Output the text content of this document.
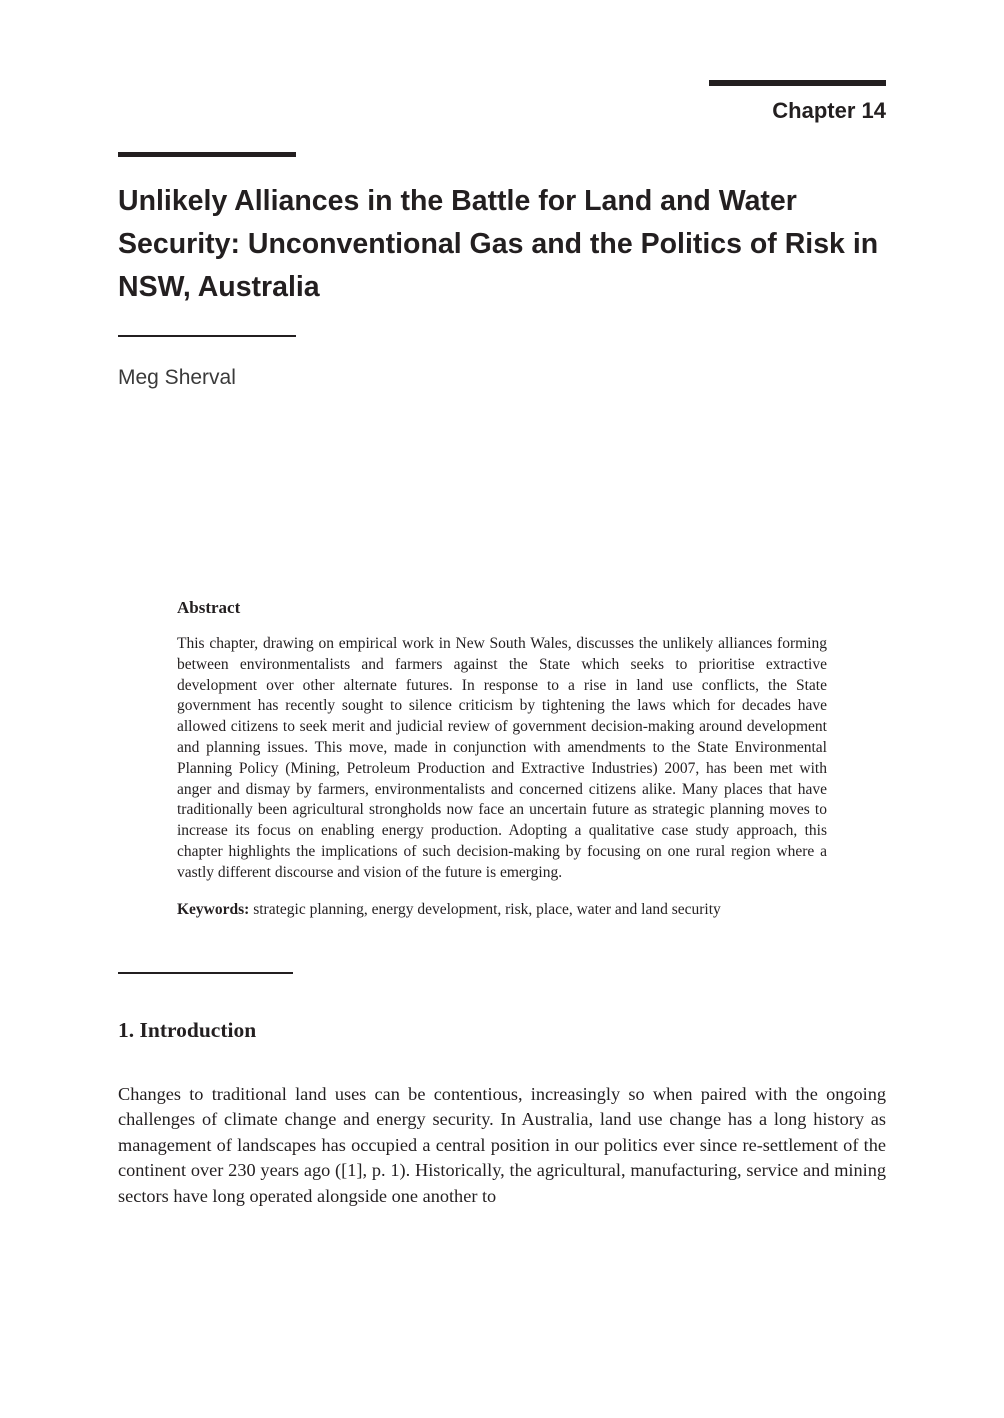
Chapter 14
Unlikely Alliances in the Battle for Land and Water Security: Unconventional Gas and the Politics of Risk in NSW, Australia
Meg Sherval
Abstract

This chapter, drawing on empirical work in New South Wales, discusses the unlikely alliances forming between environmentalists and farmers against the State which seeks to prioritise extractive development over other alternate futures. In response to a rise in land use conflicts, the State government has recently sought to silence criticism by tightening the laws which for decades have allowed citizens to seek merit and judicial review of government decision-making around development and planning issues. This move, made in conjunction with amendments to the State Environmental Planning Policy (Mining, Petroleum Production and Extractive Industries) 2007, has been met with anger and dismay by farmers, environmentalists and concerned citizens alike. Many places that have traditionally been agricultural strongholds now face an uncertain future as strategic planning moves to increase its focus on enabling energy production. Adopting a qualitative case study approach, this chapter highlights the implications of such decision-making by focusing on one rural region where a vastly different discourse and vision of the future is emerging.

Keywords: strategic planning, energy development, risk, place, water and land security

1. Introduction

Changes to traditional land uses can be contentious, increasingly so when paired with the ongoing challenges of climate change and energy security. In Australia, land use change has a long history as management of landscapes has occupied a central position in our politics ever since re-settlement of the continent over 230 years ago ([1], p. 1). Historically, the agricultural, manufacturing, service and mining sectors have long operated alongside one another to
